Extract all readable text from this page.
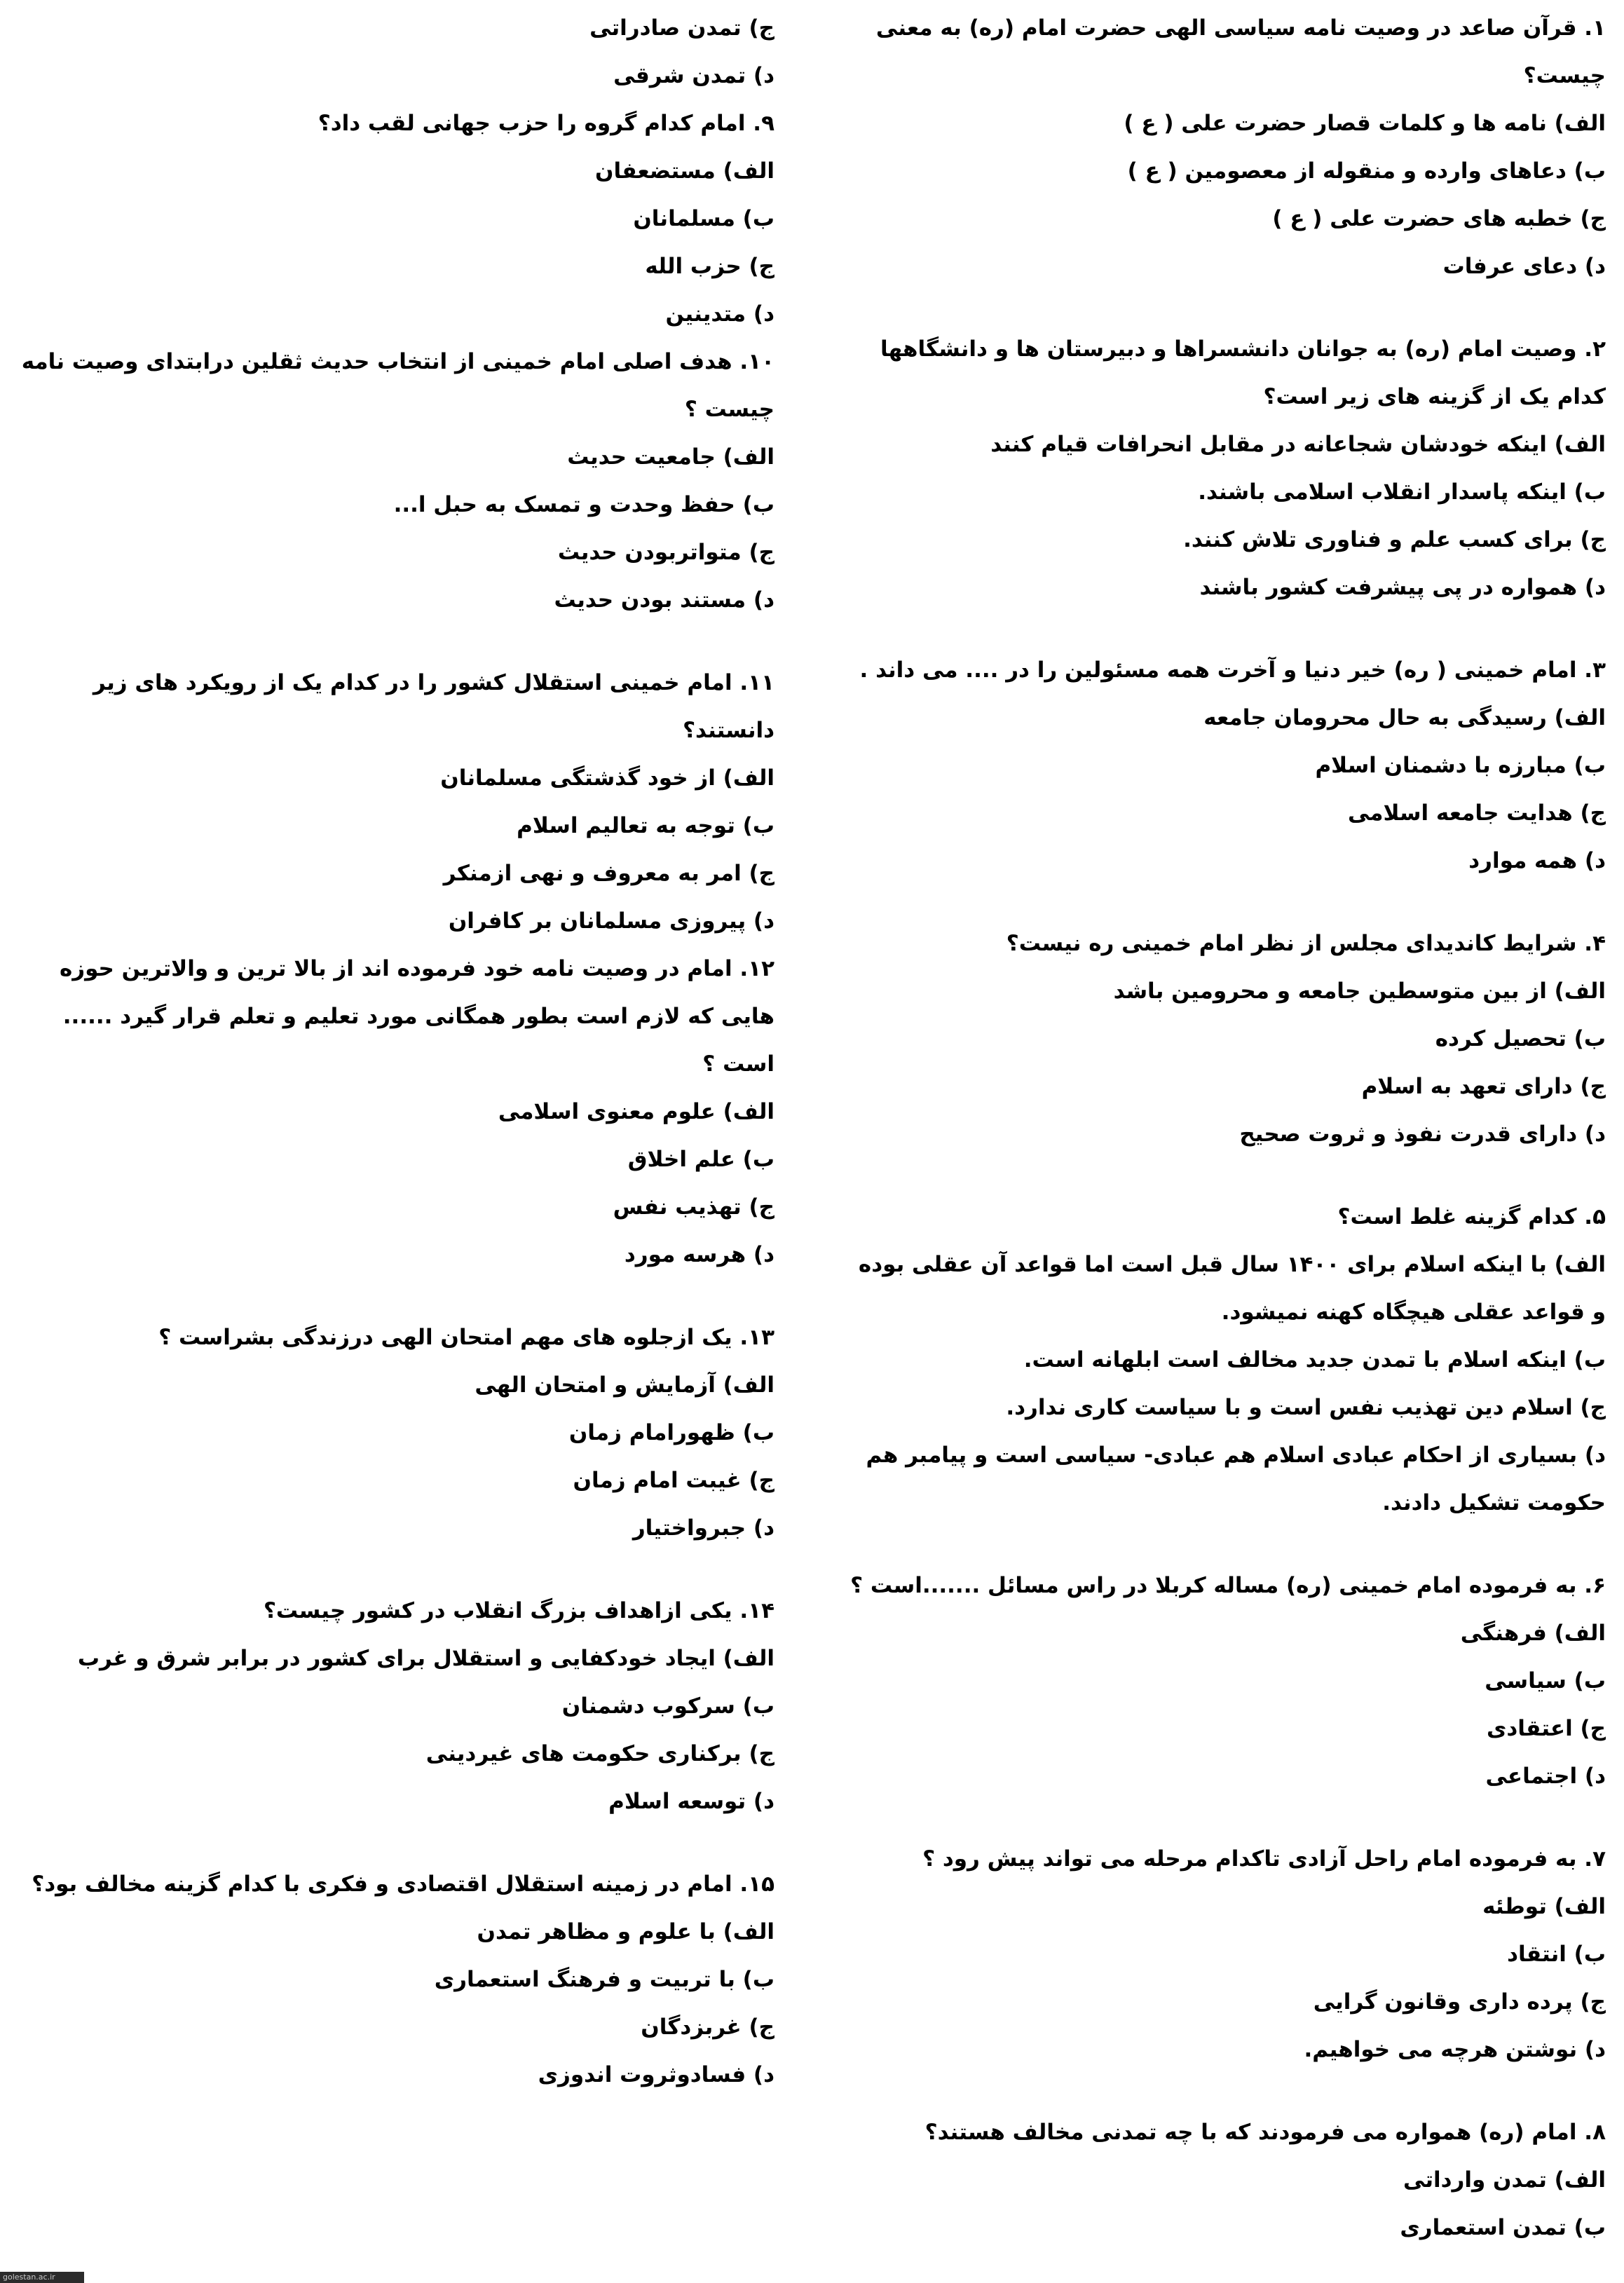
۱. قرآن صاعد در وصیت نامه سیاسی الهی حضرت امام (ره) به معنی چیست؟
الف) نامه ها و کلمات قصار حضرت علی ( ع )
ب) دعاهای وارده و منقوله از معصومین ( ع )
ج) خطبه های حضرت علی ( ع )
د) دعای عرفات
۲. وصیت امام (ره) به جوانان دانشسراها و دبیرستان ها و دانشگاهها کدام یک از گزینه های زیر است؟
الف) اینکه خودشان شجاعانه در مقابل انحرافات قیام کنند
ب) اینکه پاسدار انقلاب اسلامی باشند.
ج) برای کسب علم و فناوری تلاش کنند.
د) همواره در پی پیشرفت کشور باشند
۳. امام خمینی ( ره) خیر دنیا و آخرت همه مسئولین را در .... می داند .
الف) رسیدگی به حال محرومان جامعه
ب) مبارزه با دشمنان اسلام
ج) هدایت جامعه اسلامی
د) همه موارد
۴. شرایط کاندیدای مجلس از نظر امام خمینی ره نیست؟
الف) از بین متوسطین جامعه و محرومین باشد
ب) تحصیل کرده
ج) دارای تعهد به اسلام
د) دارای قدرت نفوذ و ثروت صحیح
۵. کدام گزینه غلط است؟
الف) با اینکه اسلام برای ۱۴۰۰ سال قبل است اما قواعد آن عقلی بوده و قواعد عقلی هیچگاه کهنه نمیشود.
ب) اینکه اسلام با تمدن جدید مخالف است ابلهانه است.
ج) اسلام دین تهذیب نفس است و با سیاست کاری ندارد.
د) بسیاری از احکام عبادی اسلام هم عبادی- سیاسی است و پیامبر هم حکومت تشکیل دادند.
۶. به فرموده امام خمینی (ره) مساله کربلا در راس مسائل .......است ؟
الف) فرهنگی
ب) سیاسی
ج) اعتقادی
د) اجتماعی
۷. به فرموده امام راحل آزادی تاکدام مرحله می تواند پیش رود ؟
الف) توطئه
ب) انتقاد
ج) پرده داری وقانون گرایی
د) نوشتن هرچه می خواهیم.
۸. امام (ره) همواره می فرمودند که با چه تمدنی مخالف هستند؟
الف) تمدن وارداتی
ب) تمدن استعماری
ج) تمدن صادراتی
د) تمدن شرقی
۹. امام کدام گروه را حزب جهانی لقب داد؟
الف) مستضعفان
ب) مسلمانان
ج) حزب الله
د) متدینین
۱۰. هدف اصلی امام خمینی از انتخاب حدیث ثقلین درابتدای وصیت نامه چیست ؟
الف) جامعیت حدیث
ب) حفظ وحدت و تمسک به حبل ا...
ج) متواتربودن حدیث
د) مستند بودن حدیث
۱۱. امام خمینی استقلال کشور را در کدام یک از رویکرد های زیر دانستند؟
الف) از خود گذشتگی مسلمانان
ب) توجه به تعالیم اسلام
ج) امر به معروف و نهی ازمنکر
د) پیروزی مسلمانان بر کافران
۱۲. امام در وصیت نامه خود فرموده اند از بالا ترین و والاترین حوزه هایی که لازم است بطور همگانی مورد تعلیم و تعلم قرار گیرد ...... است ؟
الف) علوم معنوی اسلامی
ب) علم اخلاق
ج) تهذیب نفس
د) هرسه مورد
۱۳. یک ازجلوه های مهم امتحان الهی درزندگی بشراست ؟
الف) آزمایش و امتحان الهی
ب) ظهورامام زمان
ج) غیبت امام زمان
د) جبرواختیار
۱۴. یکی ازاهداف بزرگ انقلاب در کشور چیست؟
الف) ایجاد خودکفایی و استقلال برای کشور در برابر شرق و غرب
ب) سرکوب دشمنان
ج) برکناری حکومت های غیردینی
د) توسعه اسلام
۱۵. امام در زمینه استقلال اقتصادی و فکری با کدام گزینه مخالف بود؟
الف) با علوم و مظاهر تمدن
ب) با تربیت و فرهنگ استعماری
ج) غربزدگان
د) فسادوثروت اندوزی
golestan.ac.ir
